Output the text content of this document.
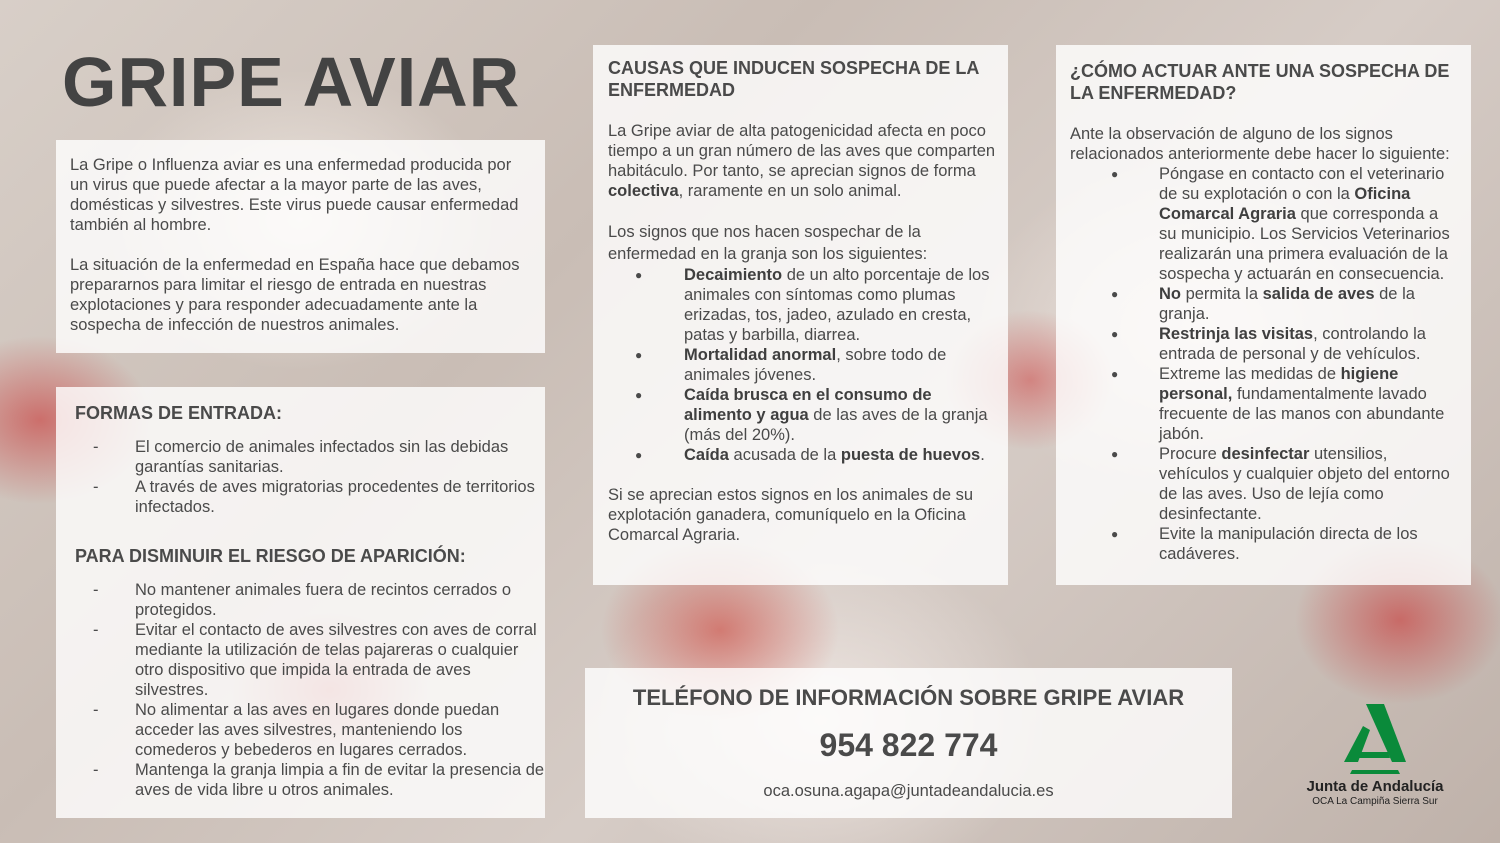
GRIPE AVIAR

La Gripe o Influenza aviar es una enfermedad producida por un virus que puede afectar a la mayor parte de las aves, domésticas y silvestres. Este virus puede causar enfermedad también al hombre.

La situación de la enfermedad en España hace que debamos prepararnos para limitar el riesgo de entrada en nuestras explotaciones y para responder adecuadamente ante la sospecha de infección de nuestros animales.

FORMAS DE ENTRADA:
- El comercio de animales infectados sin las debidas garantías sanitarias.
- A través de aves migratorias procedentes de territorios infectados.
PARA DISMINUIR EL RIESGO DE APARICIÓN:
- No mantener animales fuera de recintos cerrados o protegidos.
- Evitar el contacto de aves silvestres con aves de corral mediante la utilización de telas pajareras o cualquier otro dispositivo que impida la entrada de aves silvestres.
- No alimentar a las aves en lugares donde puedan acceder las aves silvestres, manteniendo los comederos y bebederos en lugares cerrados.
- Mantenga la granja limpia a fin de evitar la presencia de aves de vida libre u otros animales.
CAUSAS QUE INDUCEN SOSPECHA DE LA ENFERMEDAD

La Gripe aviar de alta patogenicidad afecta en poco tiempo a un gran número de las aves que comparten habitáculo. Por tanto, se aprecian signos de forma colectiva, raramente en un solo animal.

Los signos que nos hacen sospechar de la enfermedad en la granja son los siguientes:

● Decaimiento de un alto porcentaje de los animales con síntomas como plumas erizadas, tos, jadeo, azulado en cresta, patas y barbilla, diarrea.
● Mortalidad anormal, sobre todo de animales jóvenes.
● Caída brusca en el consumo de alimento y agua de las aves de la granja (más del 20%).
● Caída acusada de la puesta de huevos.

Si se aprecian estos signos en los animales de su explotación ganadera, comuníquelo en la Oficina Comarcal Agraria.

¿CÓMO ACTUAR ANTE UNA SOSPECHA DE LA ENFERMEDAD?

Ante la observación de alguno de los signos relacionados anteriormente debe hacer lo siguiente:

● Póngase en contacto con el veterinario de su explotación o con la Oficina Comarcal Agraria que corresponda a su municipio. Los Servicios Veterinarios realizarán una primera evaluación de la sospecha y actuarán en consecuencia.
● No permita la salida de aves de la granja.
● Restrinja las visitas, controlando la entrada de personal y de vehículos.
● Extreme las medidas de higiene personal, fundamentalmente lavado frecuente de las manos con abundante jabón.
● Procure desinfectar utensilios, vehículos y cualquier objeto del entorno de las aves. Uso de lejía como desinfectante.
● Evite la manipulación directa de los cadáveres.
TELÉFONO DE INFORMACIÓN SOBRE GRIPE AVIAR
954 822 774
oca.osuna.agapa@juntadeandalucia.es	Junta de Andalucía
OCA La Campiña Sierra Sur
